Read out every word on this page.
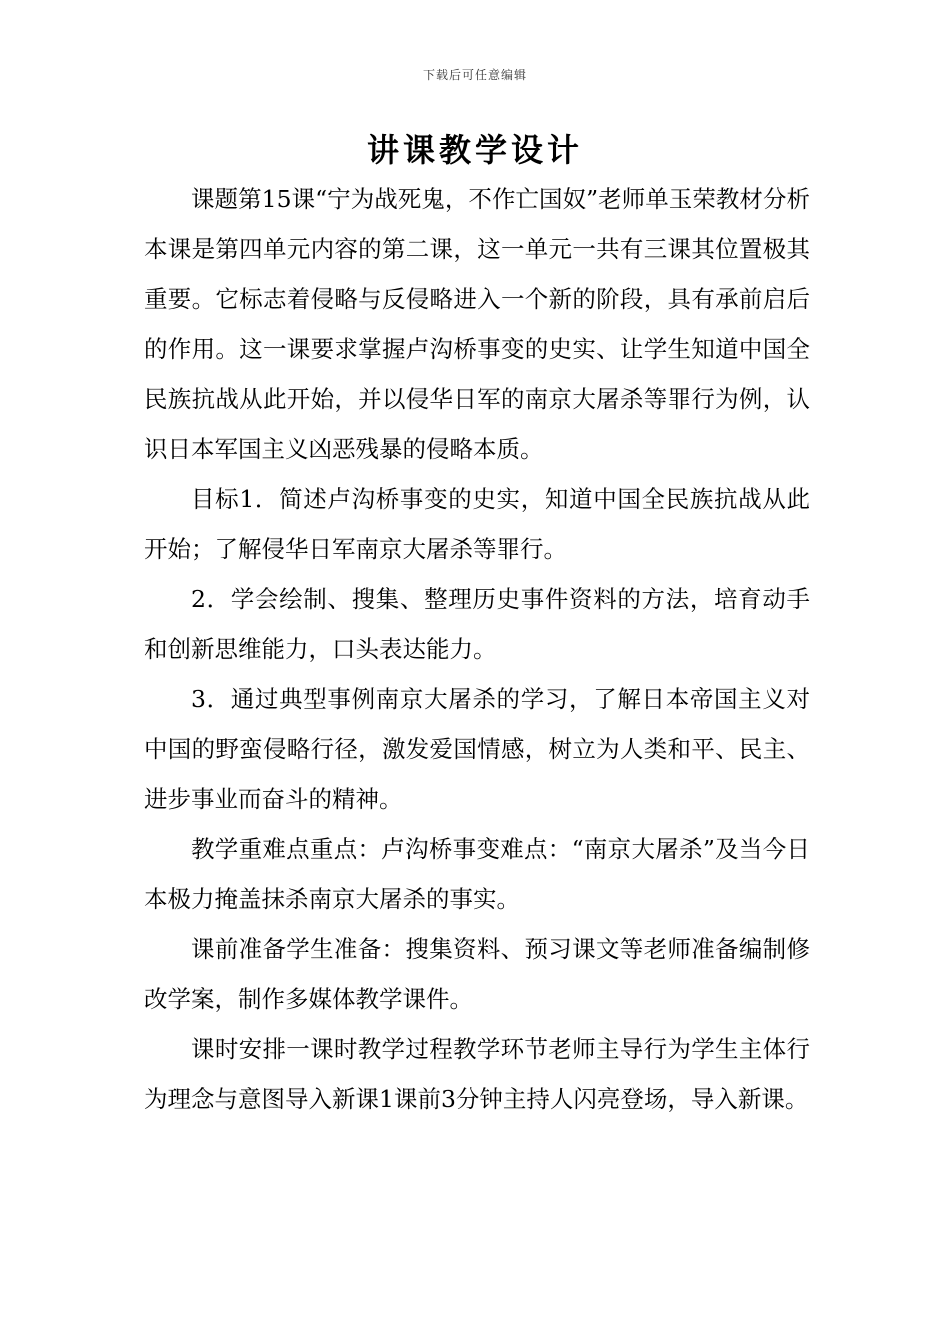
下载后可任意编辑
讲课教学设计

课题第15课“宁为战死鬼，不作亡国奴”老师单玉荣教材分析本课是第四单元内容的第二课，这一单元一共有三课其位置极其重要。它标志着侵略与反侵略进入一个新的阶段，具有承前启后的作用。这一课要求掌握卢沟桥事变的史实、让学生知道中国全民族抗战从此开始，并以侵华日军的南京大屠杀等罪行为例，认识日本军国主义凶恶残暴的侵略本质。

目标1．简述卢沟桥事变的史实，知道中国全民族抗战从此开始；了解侵华日军南京大屠杀等罪行。

2．学会绘制、搜集、整理历史事件资料的方法，培育动手和创新思维能力，口头表达能力。

3．通过典型事例南京大屠杀的学习，了解日本帝国主义对中国的野蛮侵略行径，激发爱国情感，树立为人类和平、民主、进步事业而奋斗的精神。

教学重难点重点：卢沟桥事变难点：“南京大屠杀”及当今日本极力掩盖抹杀南京大屠杀的事实。

课前准备学生准备：搜集资料、预习课文等老师准备编制修改学案，制作多媒体教学课件。

课时安排一课时教学过程教学环节老师主导行为学生主体行为理念与意图导入新课1课前3分钟主持人闪亮登场，导入新课。
